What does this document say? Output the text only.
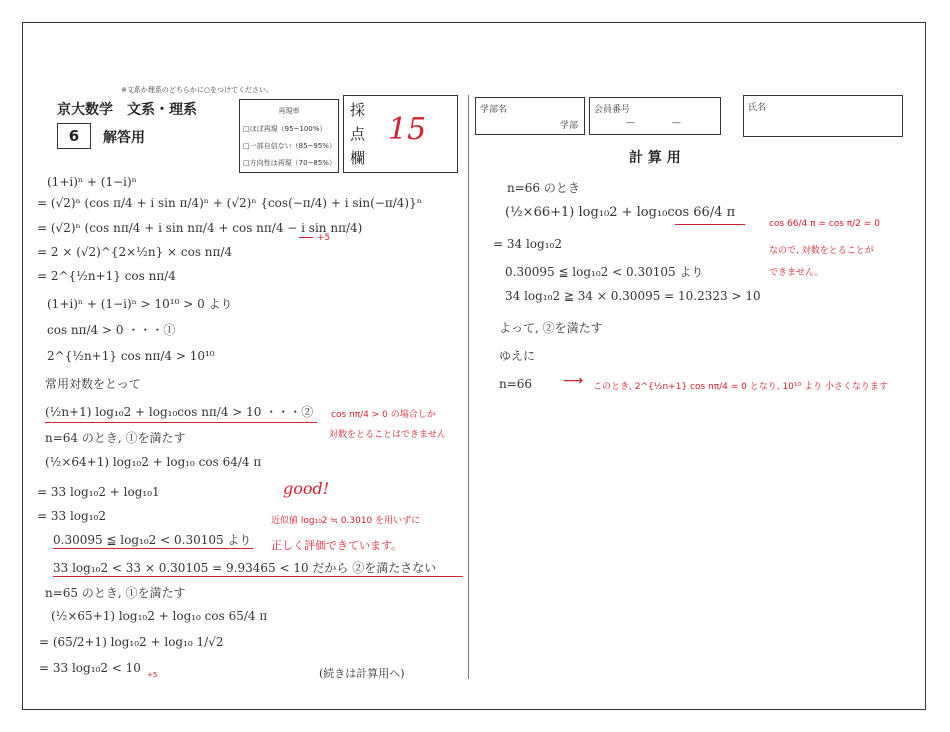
※文系か理系のどちらかに○をつけてください。
京大数学　文系・理系
6	解答用
再現率
□ほぼ再現（95~100%）
□一部自信ない（85~95%）
□方向性は再現（70~85%）
採
点
欄
15
学部名
学部
会員番号
—	—
氏名
計 算 用
(1+i)ⁿ + (1−i)ⁿ
= (√2)ⁿ (cos π/4 + i sin π/4)ⁿ + (√2)ⁿ {cos(−π/4) + i sin(−π/4)}ⁿ
= (√2)ⁿ (cos nπ/4 + i sin nπ/4 + cos nπ/4 − i sin nπ/4)
+5
= 2 × (√2)^{2×½n} × cos nπ/4
= 2^{½n+1} cos nπ/4
(1+i)ⁿ + (1−i)ⁿ > 10¹⁰ > 0 より
cos nπ/4 > 0 ・・・①
2^{½n+1} cos nπ/4 > 10¹⁰
常用対数をとって
(½n+1) log₁₀2 + log₁₀cos nπ/4 > 10 ・・・② cos nπ/4 > 0 の場合しか
対数をとることはできません
n=64 のとき, ①を満たす
(½×64+1) log₁₀2 + log₁₀ cos 64/4 π
= 33 log₁₀2 + log₁₀1	good!
= 33 log₁₀2	近似値 log₁₀2 ≒ 0.3010 を用いずに
0.30095 ≦ log₁₀2 < 0.30105 より 正しく評価できています。
33 log₁₀2 < 33 × 0.30105 = 9.93465 < 10 だから ②を満たさない
n=65 のとき, ①を満たす
(½×65+1) log₁₀2 + log₁₀ cos 65/4 π
= (65/2+1) log₁₀2 + log₁₀ 1/√2
= 33 log₁₀2 < 10 +5	(続きは計算用へ)
n=66 のとき
(½×66+1) log₁₀2 + log₁₀cos 66/4 π
cos 66/4 π = cos π/2 = 0
なので, 対数をとることが
できません。
= 34 log₁₀2
0.30095 ≦ log₁₀2 < 0.30105 より
34 log₁₀2 ≧ 34 × 0.30095 = 10.2323 > 10
よって, ②を満たす
ゆえに
n=66 ⟶ このとき, 2^{½n+1} cos nπ/4 = 0 となり, 10¹⁰ より 小さくなります
